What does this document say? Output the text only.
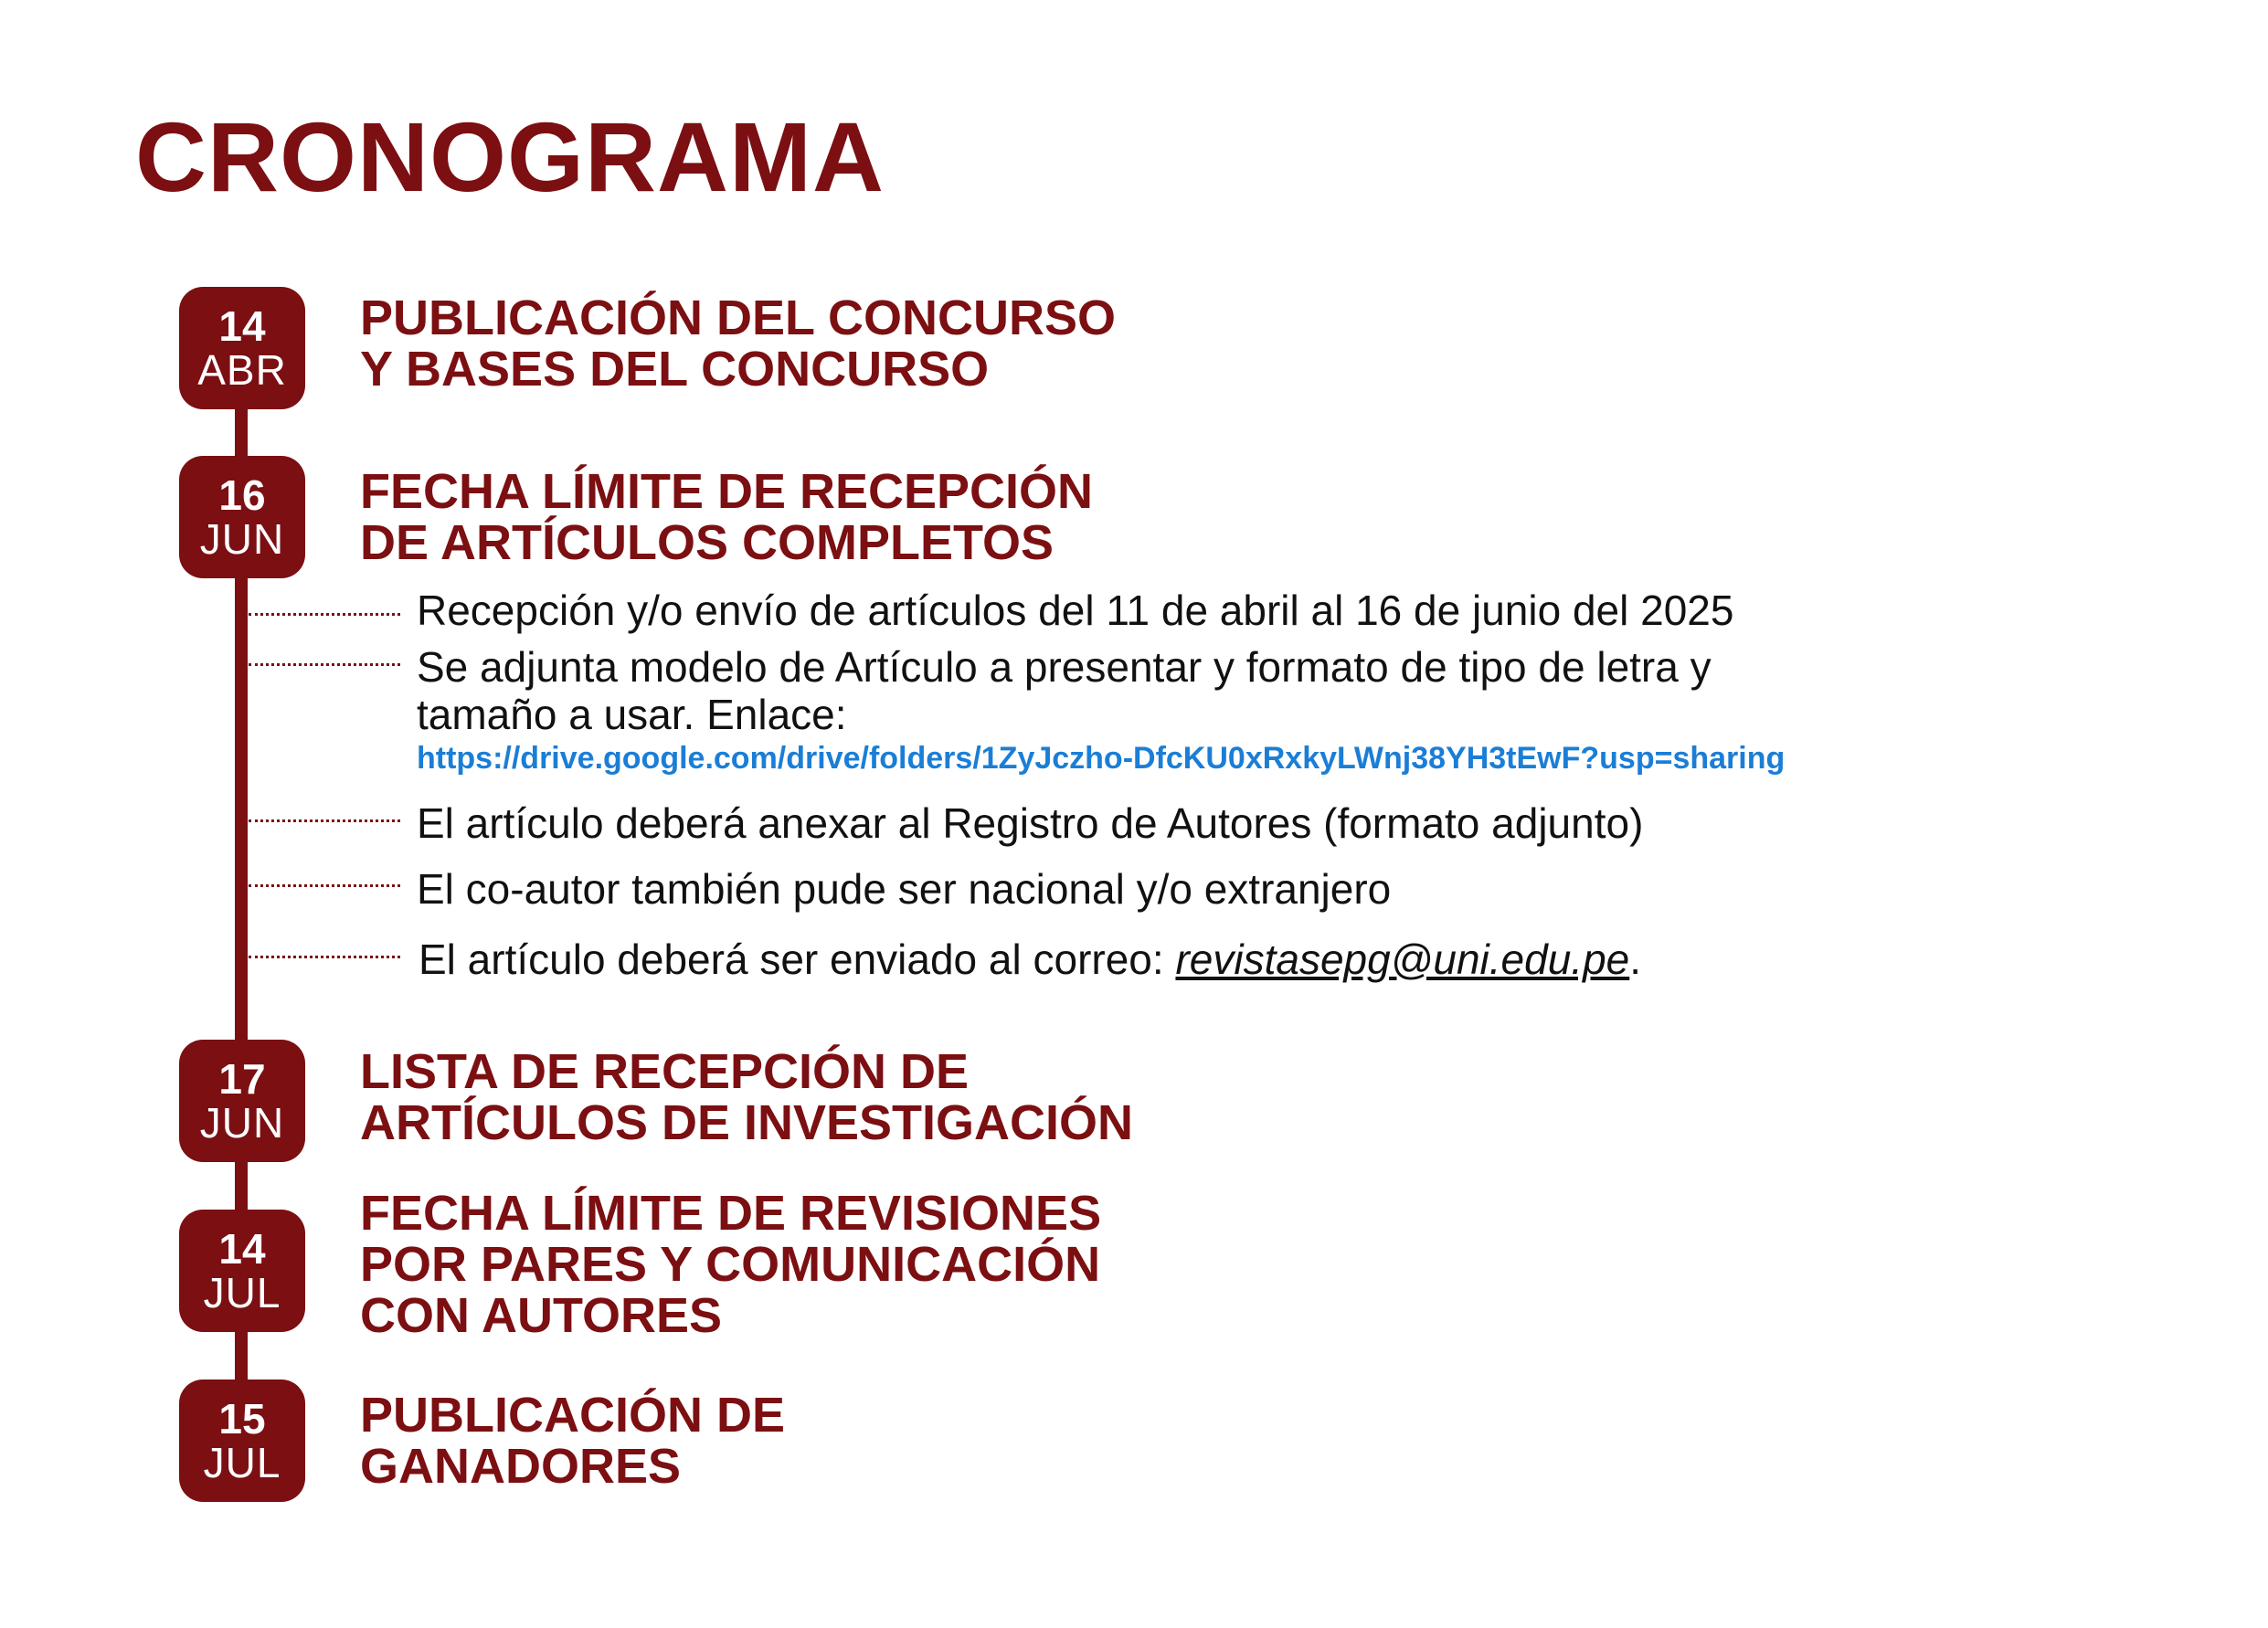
CRONOGRAMA
14
ABR
PUBLICACIÓN DEL CONCURSO
Y BASES DEL CONCURSO
16
JUN
FECHA LÍMITE DE RECEPCIÓN
DE ARTÍCULOS COMPLETOS
Recepción y/o envío de artículos del 11 de abril al 16 de junio del 2025
Se adjunta modelo de Artículo a presentar y formato de tipo de letra y
tamaño a usar. Enlace:
https://drive.google.com/drive/folders/1ZyJczho-DfcKU0xRxkyLWnj38YH3tEwF?usp=sharing
El artículo deberá anexar al Registro de Autores (formato adjunto)
El co-autor también pude ser nacional y/o extranjero
El artículo deberá ser enviado al correo: revistasepg@uni.edu.pe.
17
JUN
LISTA DE RECEPCIÓN DE
ARTÍCULOS DE INVESTIGACIÓN
14
JUL
FECHA LÍMITE DE REVISIONES
POR PARES Y COMUNICACIÓN
CON AUTORES
15
JUL
PUBLICACIÓN DE
GANADORES
